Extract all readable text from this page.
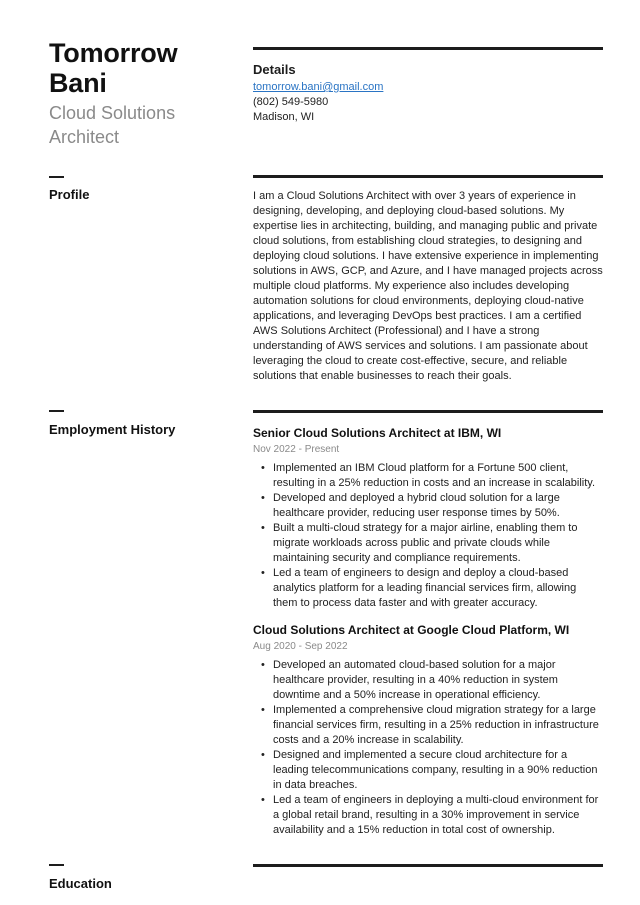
Tomorrow
Bani
Cloud Solutions
Architect
Details
tomorrow.bani@gmail.com
(802) 549-5980
Madison, WI
Profile	I am a Cloud Solutions Architect with over 3 years of experience in designing, developing, and deploying cloud-based solutions. My expertise lies in architecting, building, and managing public and private cloud solutions, from establishing cloud strategies, to designing and deploying cloud solutions. I have extensive experience in implementing solutions in AWS, GCP, and Azure, and I have managed projects across multiple cloud platforms. My experience also includes developing automation solutions for cloud environments, deploying cloud-native applications, and leveraging DevOps best practices. I am a certified AWS Solutions Architect (Professional) and I have a strong understanding of AWS services and solutions. I am passionate about leveraging the cloud to create cost-effective, secure, and reliable solutions that enable businesses to reach their goals.
Employment History	Senior Cloud Solutions Architect at IBM, WI
Nov 2022 - Present
• Implemented an IBM Cloud platform for a Fortune 500 client, resulting in a 25% reduction in costs and an increase in scalability.
• Developed and deployed a hybrid cloud solution for a large healthcare provider, reducing user response times by 50%.
• Built a multi-cloud strategy for a major airline, enabling them to migrate workloads across public and private clouds while maintaining security and compliance requirements.
• Led a team of engineers to design and deploy a cloud-based analytics platform for a leading financial services firm, allowing them to process data faster and with greater accuracy.
Cloud Solutions Architect at Google Cloud Platform, WI
Aug 2020 - Sep 2022
• Developed an automated cloud-based solution for a major healthcare provider, resulting in a 40% reduction in system downtime and a 50% increase in operational efficiency.
• Implemented a comprehensive cloud migration strategy for a large financial services firm, resulting in a 25% reduction in infrastructure costs and a 20% increase in scalability.
• Designed and implemented a secure cloud architecture for a leading telecommunications company, resulting in a 90% reduction in data breaches.
• Led a team of engineers in deploying a multi-cloud environment for a global retail brand, resulting in a 30% improvement in service availability and a 15% reduction in total cost of ownership.
Education
